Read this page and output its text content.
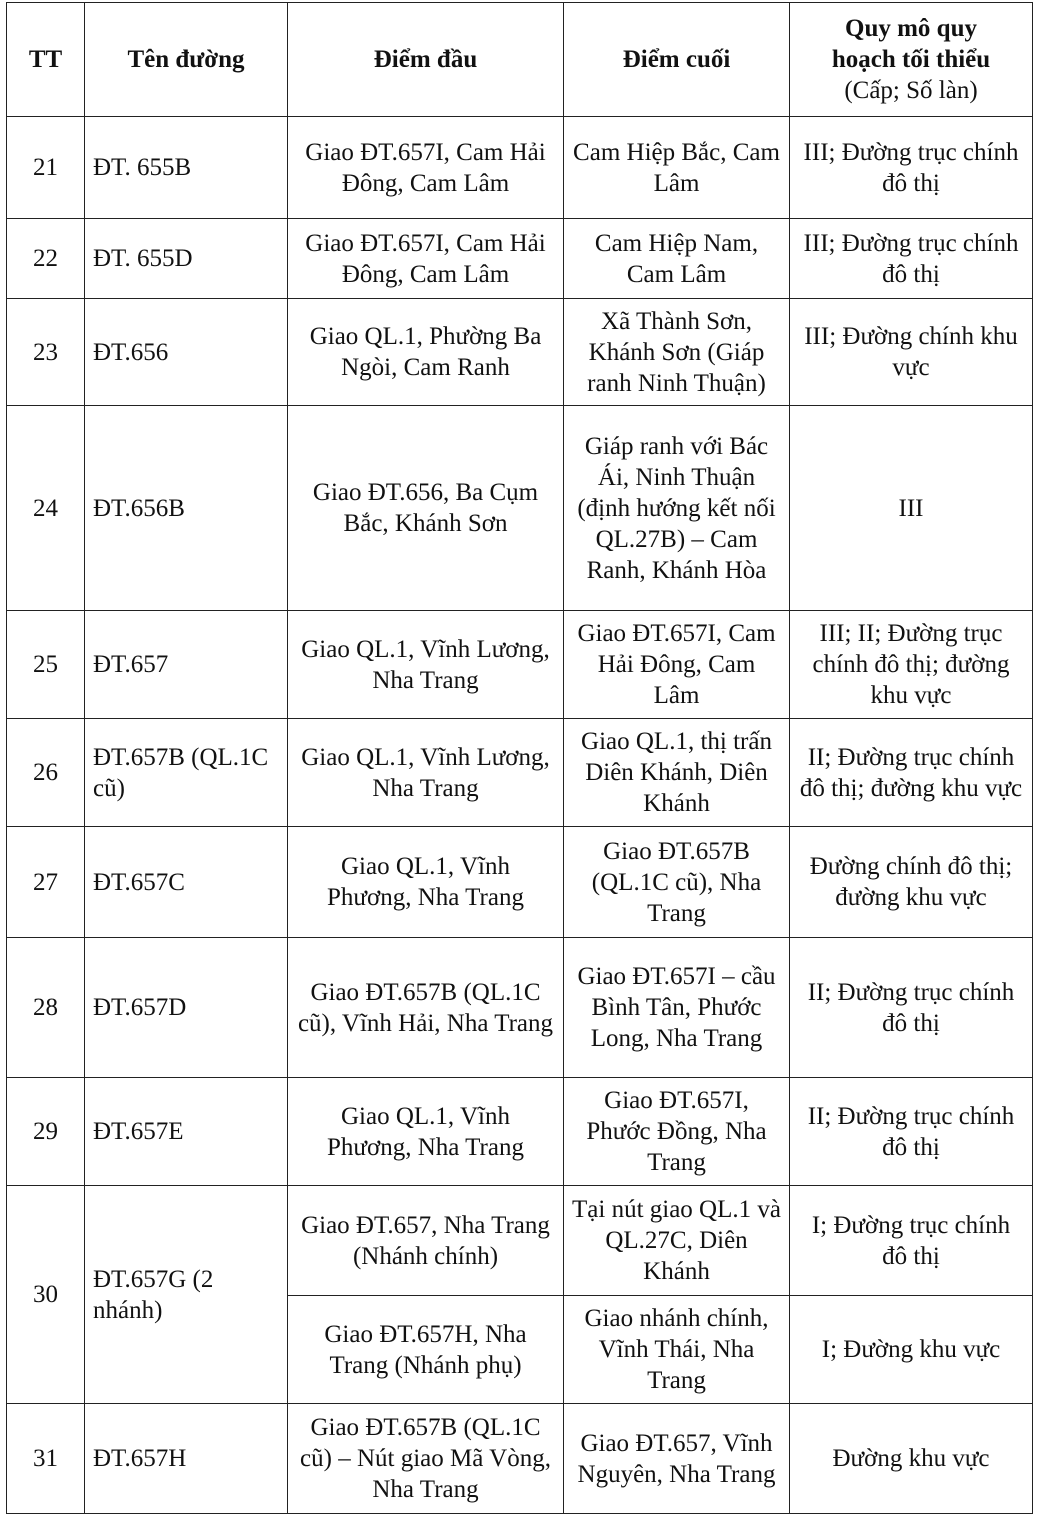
TT	Tên đường	Điểm đầu	Điểm cuối	Quy mô quy
hoạch tối thiểu
(Cấp; Số làn)

21	ĐT. 655B	Giao ĐT.657I, Cam Hải Đông, Cam Lâm	Cam Hiệp Bắc, Cam Lâm	III; Đường trục chính đô thị
22	ĐT. 655D	Giao ĐT.657I, Cam Hải Đông, Cam Lâm	Cam Hiệp Nam, Cam Lâm	III; Đường trục chính đô thị
23	ĐT.656	Giao QL.1, Phường Ba Ngòi, Cam Ranh	Xã Thành Sơn, Khánh Sơn (Giáp ranh Ninh Thuận)	III; Đường chính khu vực
24	ĐT.656B	Giao ĐT.656, Ba Cụm Bắc, Khánh Sơn	Giáp ranh với Bác Ái, Ninh Thuận (định hướng kết nối QL.27B) – Cam Ranh, Khánh Hòa	III
25	ĐT.657	Giao QL.1, Vĩnh Lương, Nha Trang	Giao ĐT.657I, Cam Hải Đông, Cam Lâm	III; II; Đường trục chính đô thị; đường khu vực
26	ĐT.657B (QL.1C cũ)	Giao QL.1, Vĩnh Lương, Nha Trang	Giao QL.1, thị trấn Diên Khánh, Diên Khánh	II; Đường trục chính đô thị; đường khu vực
27	ĐT.657C	Giao QL.1, Vĩnh Phương, Nha Trang	Giao ĐT.657B (QL.1C cũ), Nha Trang	Đường chính đô thị; đường khu vực
28	ĐT.657D	Giao ĐT.657B (QL.1C cũ), Vĩnh Hải, Nha Trang	Giao ĐT.657I – cầu Bình Tân, Phước Long, Nha Trang	II; Đường trục chính đô thị
29	ĐT.657E	Giao QL.1, Vĩnh Phương, Nha Trang	Giao ĐT.657I, Phước Đồng, Nha Trang	II; Đường trục chính đô thị
30	ĐT.657G (2 nhánh)	Giao ĐT.657, Nha Trang (Nhánh chính)	Tại nút giao QL.1 và QL.27C, Diên Khánh	I; Đường trục chính đô thị
		Giao ĐT.657H, Nha Trang (Nhánh phụ)	Giao nhánh chính, Vĩnh Thái, Nha Trang	I; Đường khu vực
31	ĐT.657H	Giao ĐT.657B (QL.1C cũ) – Nút giao Mã Vòng, Nha Trang	Giao ĐT.657, Vĩnh Nguyên, Nha Trang	Đường khu vực
